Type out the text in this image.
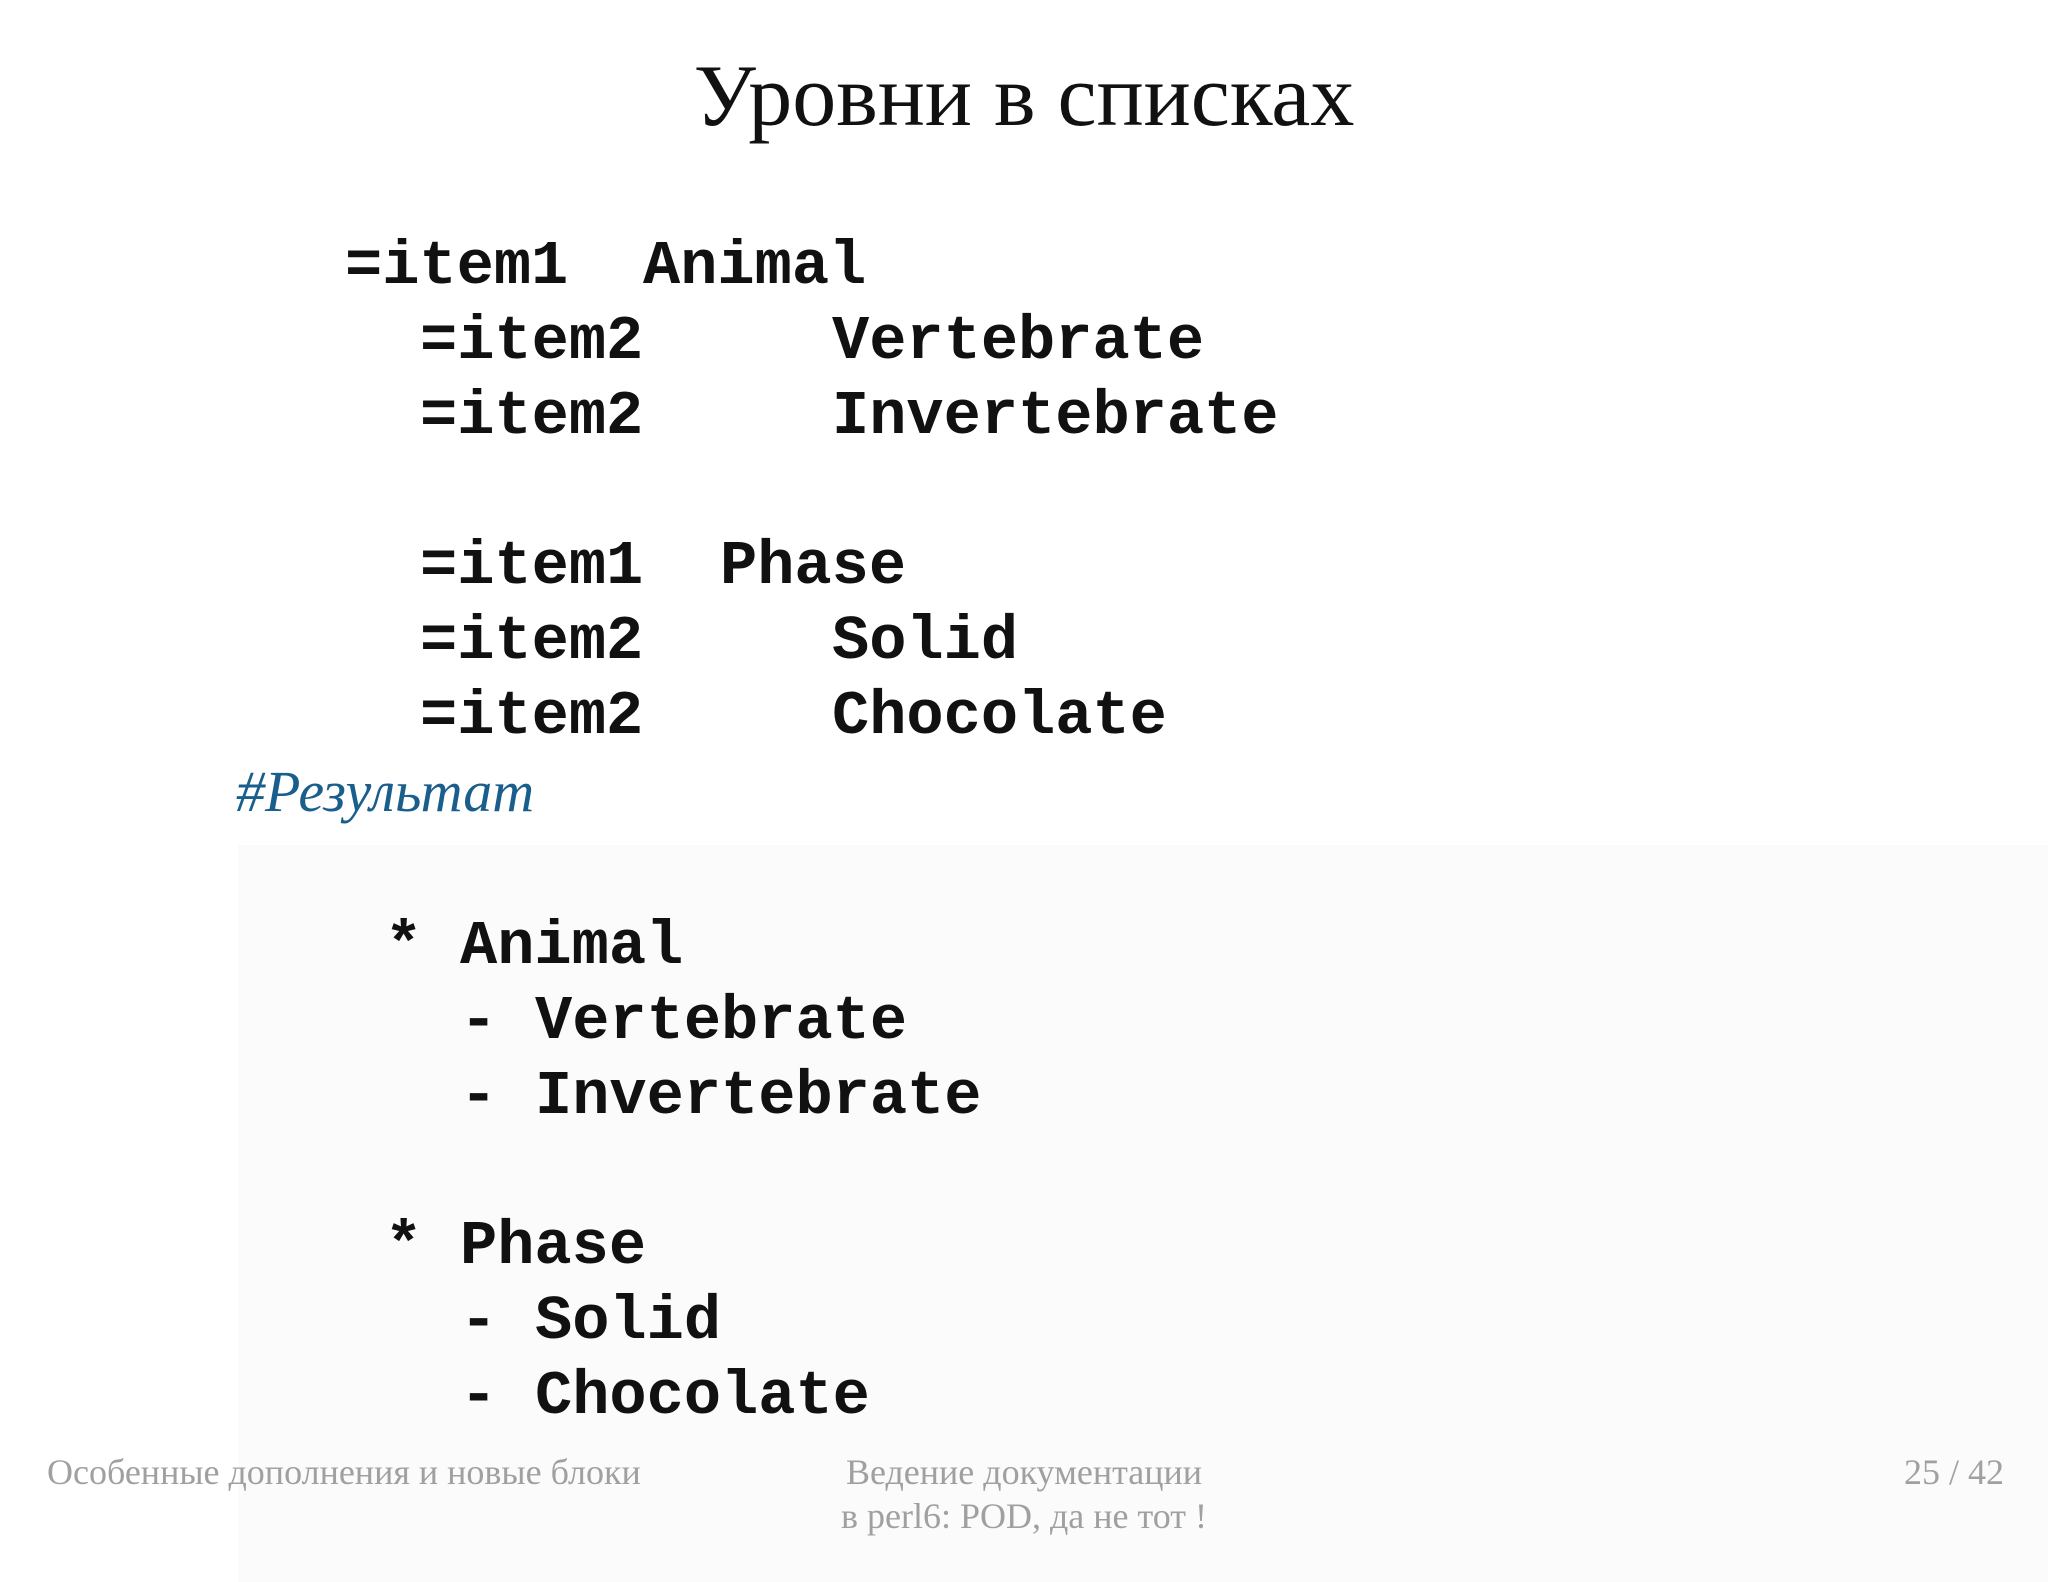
Уровни в списках

=item1

Animal

=item2

	Vertebrate

=item2

	Invertebrate

=item1

Phase

=item2

	Solid

=item2

	Chocolate

#Результат

*

Animal

-

Vertebrate

-

Invertebrate

*

Phase

-

Solid

-

Chocolate

Особенные дополнения и новые блоки	Ведение документации
в perl6: POD, да не тот !
25 / 42
